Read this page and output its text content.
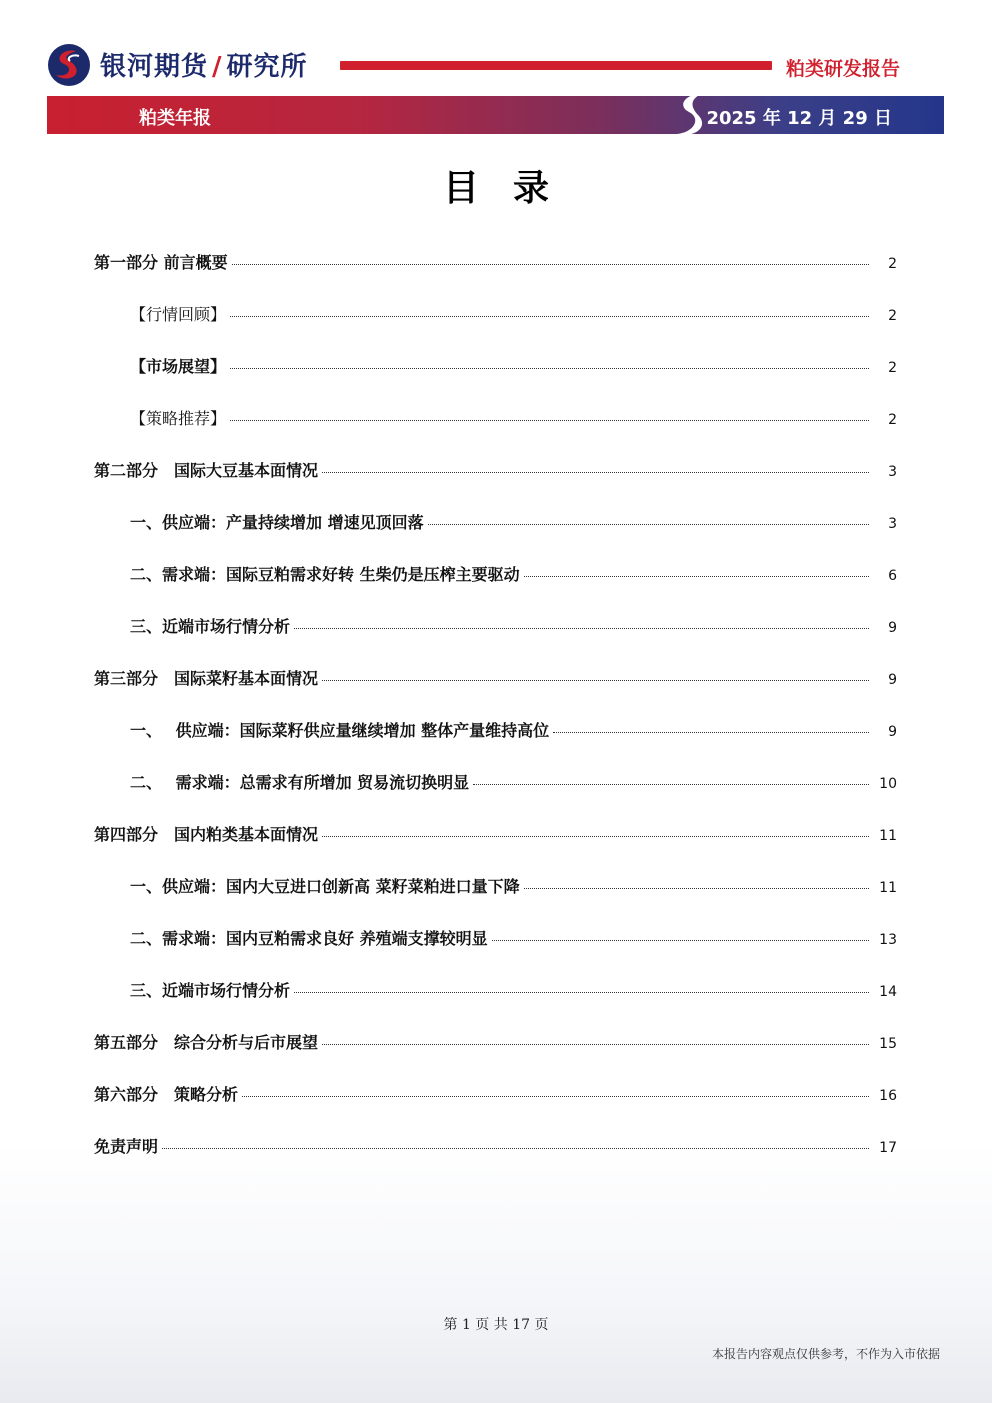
银河期货 / 研究所	粕类研发报告
粕类年报	2025 年 12 月 29 日
目录
第一部分 前言概要	2
【行情回顾】	2
【市场展望】	2
【策略推荐】	2
第二部分　国际大豆基本面情况	3
一、供应端：产量持续增加 增速见顶回落	3
二、需求端：国际豆粕需求好转 生柴仍是压榨主要驱动	6
三、近端市场行情分析	9
第三部分　国际菜籽基本面情况	9
一、　 供应端：国际菜籽供应量继续增加 整体产量维持高位	9
二、　 需求端：总需求有所增加 贸易流切换明显	10
第四部分　国内粕类基本面情况	11
一、供应端：国内大豆进口创新高 菜籽菜粕进口量下降	11
二、需求端：国内豆粕需求良好 养殖端支撑较明显	13
三、近端市场行情分析	14
第五部分　综合分析与后市展望	15
第六部分　策略分析	16
免责声明	17
第 1 页 共 17 页
本报告内容观点仅供参考，不作为入市依据
